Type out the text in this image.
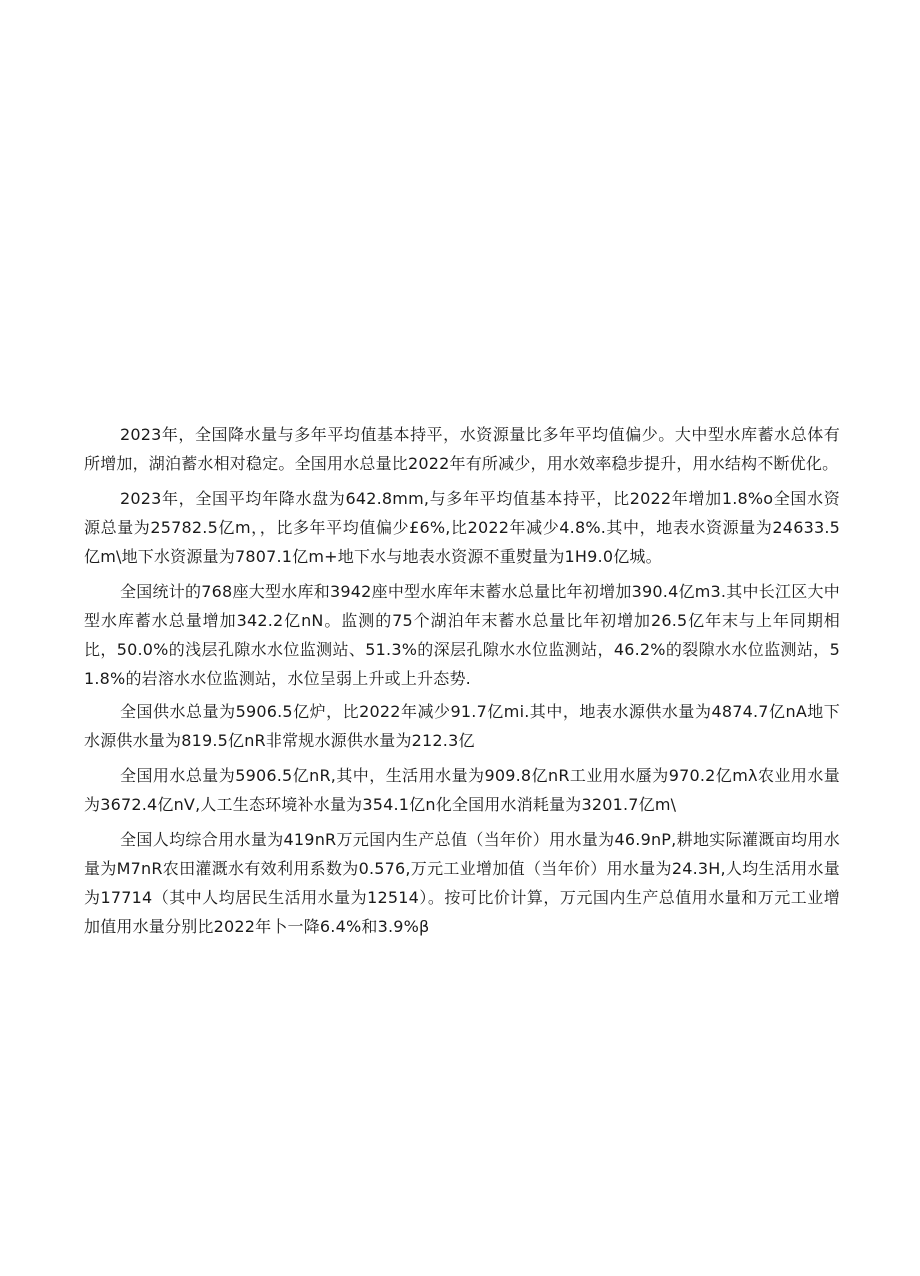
2023年，全国降水量与多年平均值基本持平，水资源量比多年平均值偏少。大中型水库蓄水总体有所增加，湖泊蓄水相对稳定。全国用水总量比2022年有所减少，用水效率稳步提升，用水结构不断优化。

2023年，全国平均年降水盘为642.8mm,与多年平均值基本持平，比2022年增加1.8%o全国水资源总量为25782.5亿m，，比多年平均值偏少£6%,比2022年减少4.8%.其中，地表水资源量为24633.5亿m\地下水资源量为7807.1亿m+地下水与地表水资源不重熨量为1H9.0亿城。

全国统计的768座大型水库和3942座中型水库年末蓄水总量比年初增加390.4亿m3.其中长江区大中型水库蓄水总量增加342.2亿nN。监测的75个湖泊年末蓄水总量比年初增加26.5亿年末与上年同期相比，50.0%的浅层孔隙水水位监测站、51.3%的深层孔隙水水位监测站，46.2%的裂隙水水位监测站，51.8%的岩溶水水位监测站，水位呈弱上升或上升态势.

全国供水总量为5906.5亿炉，比2022年减少91.7亿mi.其中，地表水源供水量为4874.7亿nA地下水源供水量为819.5亿nR非常规水源供水量为212.3亿

全国用水总量为5906.5亿nR,其中，生活用水量为909.8亿nR工业用水蜃为970.2亿mλ农业用水量为3672.4亿nV,人工生态环境补水量为354.1亿n化全国用水消耗量为3201.7亿m\

全国人均综合用水量为419nR万元国内生产总值（当年价）用水量为46.9nP,耕地实际灌溉亩均用水量为M7nR农田灌溉水有效利用系数为0.576,万元工业增加值（当年价）用水量为24.3H,人均生活用水量为17714（其中人均居民生活用水量为12514）。按可比价计算，万元国内生产总值用水量和万元工业增加值用水量分别比2022年卜一降6.4%和3.9%β
